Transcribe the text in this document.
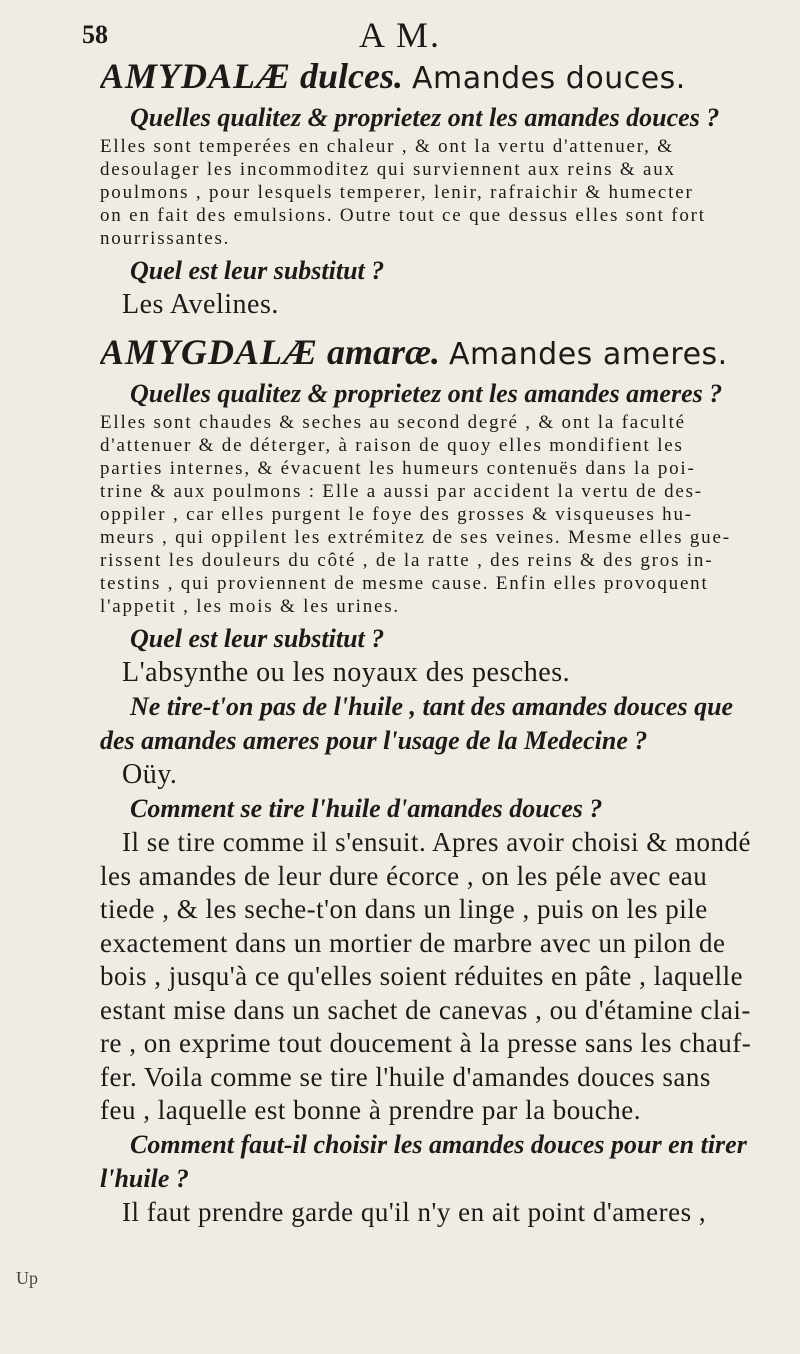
58	A M.
AMYDALÆ dulces. Amandes douces.
Quelles qualitez & proprietez ont les amandes douces ?
Elles sont temperées en chaleur , & ont la vertu d'attenuer, &
desoulager les incommoditez qui surviennent aux reins & aux
poulmons , pour lesquels temperer, lenir, rafraichir & humecter
on en fait des emulsions. Outre tout ce que dessus elles sont fort
nourrissantes.
Quel est leur substitut ?
Les Avelines.
AMYGDALÆ amaræ. Amandes ameres.
Quelles qualitez & proprietez ont les amandes ameres ?
Elles sont chaudes & seches au second degré , & ont la faculté
d'attenuer & de déterger, à raison de quoy elles mondifient les
parties internes, & évacuent les humeurs contenuës dans la poi-
trine & aux poulmons : Elle a aussi par accident la vertu de des-
oppiler , car elles purgent le foye des grosses & visqueuses hu-
meurs , qui oppilent les extrémitez de ses veines. Mesme elles gue-
rissent les douleurs du côté , de la ratte , des reins & des gros in-
testins , qui proviennent de mesme cause. Enfin elles provoquent
l'appetit , les mois & les urines.
Quel est leur substitut ?
L'absynthe ou les noyaux des pesches.
Ne tire-t'on pas de l'huile , tant des amandes douces que
des amandes ameres pour l'usage de la Medecine ?
Oüy.
Comment se tire l'huile d'amandes douces ?
Il se tire comme il s'ensuit. Apres avoir choisi & mondé
les amandes de leur dure écorce , on les péle avec eau
tiede , & les seche-t'on dans un linge , puis on les pile
exactement dans un mortier de marbre avec un pilon de
bois , jusqu'à ce qu'elles soient réduites en pâte , laquelle
estant mise dans un sachet de canevas , ou d'étamine clai-
re , on exprime tout doucement à la presse sans les chauf-
fer. Voila comme se tire l'huile d'amandes douces sans
feu , laquelle est bonne à prendre par la bouche.
Comment faut-il choisir les amandes douces pour en tirer
l'huile ?
Il faut prendre garde qu'il n'y en ait point d'ameres ,
Up
